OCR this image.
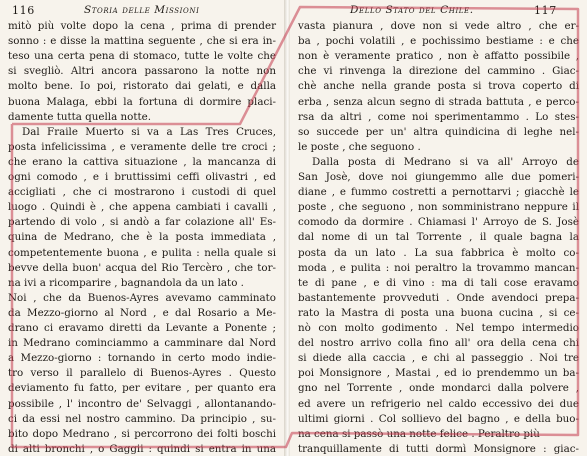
116	Storia delle Missioni
mitò più volte dopo la cena , prima di prender
sonno : e disse la mattina seguente , che si era in-
teso una certa pena di stomaco, tutte le volte che
si svegliò. Altri ancora passarono la notte non
molto bene. Io poi, ristorato dai gelati, e dalla
buona Malaga, ebbi la fortuna di dormire placi-
damente tutta quella notte.
Dal Fraile Muerto si va a Las Tres Cruces,
posta infelicissima , e veramente delle tre croci ;
che erano la cattiva situazione , la mancanza di
ogni comodo , e i bruttissimi ceffi olivastri , ed
accigliati , che ci mostrarono i custodi di quel
luogo . Quindi è , che appena cambiati i cavalli ,
partendo di volo , si andò a far colazione all' Es-
quina de Medrano, che è la posta immediata ,
competentemente buona , e pulita : nella quale si
bevve della buon' acqua del Rio Tercèro , che tor-
na ivi a ricomparire , bagnandola da un lato .
Noi , che da Buenos-Ayres avevamo camminato
da Mezzo-giorno al Nord , e dal Rosario a Me-
drano ci eravamo diretti da Levante a Ponente ;
in Medrano cominciammo a camminare dal Nord
a Mezzo-giorno : tornando in certo modo indie-
tro verso il parallelo di Buenos-Ayres . Questo
deviamento fu fatto, per evitare , per quanto era
possibile , l' incontro de' Selvaggi , allontanando-
ci da essi nel nostro cammino. Da principio , su-
bito dopo Medrano , si percorrono dei folti boschi
di alti bronchi , o Gaggii : quindi si entra in una
Dello Stato del Chile.	117
vasta pianura , dove non si vede altro , che er-
ba , pochi volatili , e pochissimo bestiame : e che
non è veramente pratico , non è affatto possibile ,
che vi rinvenga la direzione del cammino . Giac-
chè anche nella grande posta si trova coperto di
erba , senza alcun segno di strada battuta , e perco-
rsa da altri , come noi sperimentammo . Lo stes-
so succede per un' altra quindicina di leghe nel-
le poste , che seguono .
Dalla posta di Medrano si va all' Arroyo de
San Josè, dove noi giungemmo alle due pomeri-
diane , e fummo costretti a pernottarvi ; giacchè le
poste , che seguono , non somministrano neppure il
comodo da dormire . Chiamasi l' Arroyo de S. Josè
dal nome di un tal Torrente , il quale bagna la
posta da un lato . La sua fabbrica è molto co-
moda , e pulita : noi peraltro la trovammo mancan-
te di pane , e di vino : ma di tali cose eravamo
bastantemente provveduti . Onde avendoci prepa-
rato la Mastra di posta una buona cucina , si ce-
nò con molto godimento . Nel tempo intermedio
del nostro arrivo colla fino all' ora della cena chi
si diede alla caccia , e chi al passeggio . Noi tre
poi Monsignore , Mastai , ed io prendemmo un ba-
gno nel Torrente , onde mondarci dalla polvere ,
ed avere un refrigerio nel caldo eccessivo dei due
ultimi giorni . Col sollievo del bagno , e della buo-
na cena si passò una notte felice . Peraltro più
tranquillamente di tutti dormì Monsignore : giac-
